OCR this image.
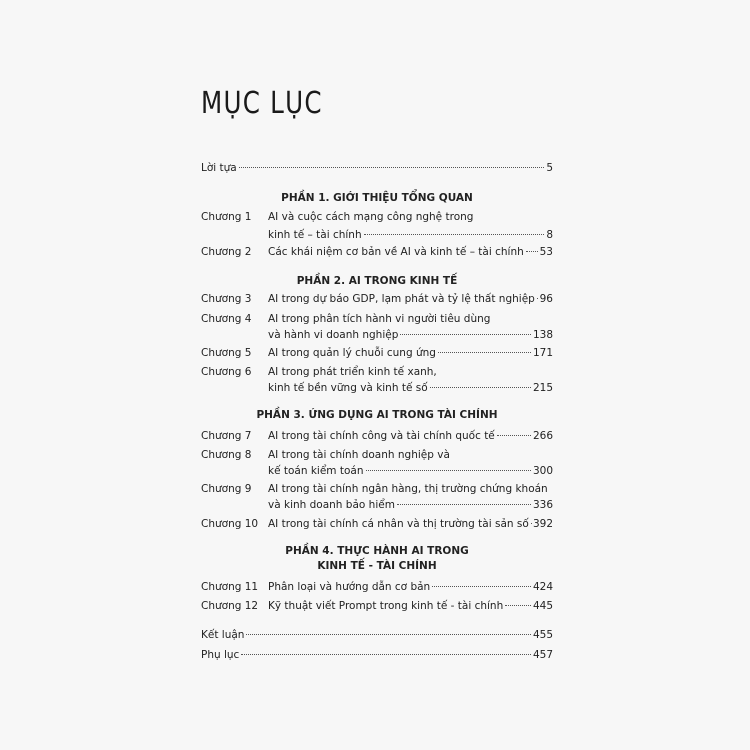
MỤC LỤC
Lời tựa	5
PHẦN 1. GIỚI THIỆU TỔNG QUAN
Chương 1 AI và cuộc cách mạng công nghệ trong
kinh tế – tài chính	8
Chương 2 Các khái niệm cơ bản về AI và kinh tế – tài chính 53
PHẦN 2. AI TRONG KINH TẾ
Chương 3 AI trong dự báo GDP, lạm phát và tỷ lệ thất nghiệp 96
Chương 4 AI trong phân tích hành vi người tiêu dùng
và hành vi doanh nghiệp	138
Chương 5 AI trong quản lý chuỗi cung ứng	171
Chương 6 AI trong phát triển kinh tế xanh,
kinh tế bền vững và kinh tế số	215
PHẦN 3. ỨNG DỤNG AI TRONG TÀI CHÍNH
Chương 7 AI trong tài chính công và tài chính quốc tế	266
Chương 8 AI trong tài chính doanh nghiệp và
kế toán kiểm toán	300
Chương 9 AI trong tài chính ngân hàng, thị trường chứng khoán
và kinh doanh bảo hiểm	336
Chương 10 AI trong tài chính cá nhân và thị trường tài sản số 392
PHẦN 4. THỰC HÀNH AI TRONG
KINH TẾ - TÀI CHÍNH
Chương 11 Phân loại và hướng dẫn cơ bản	424
Chương 12 Kỹ thuật viết Prompt trong kinh tế - tài chính	445
Kết luận	455
Phụ lục	457
